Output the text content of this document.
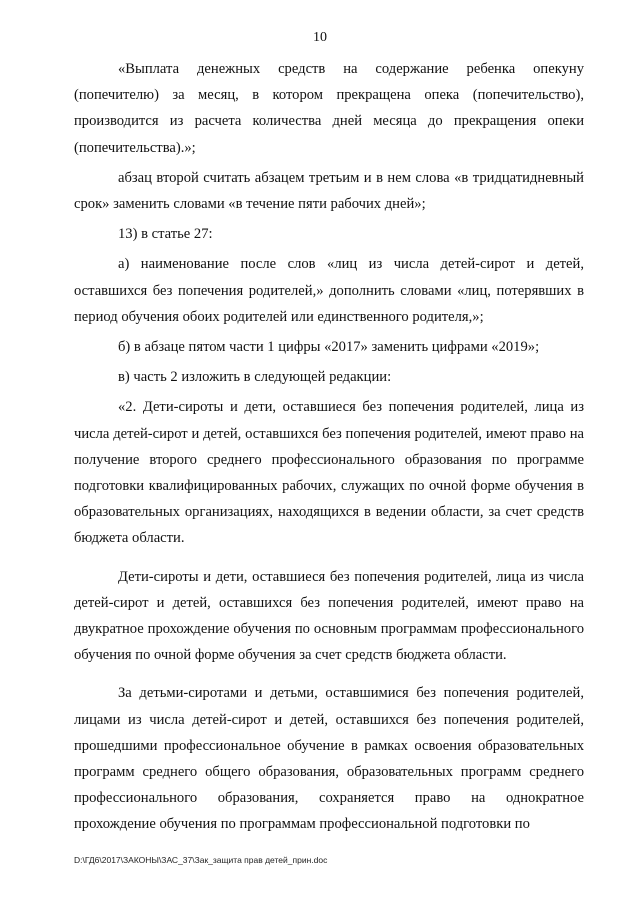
10

«Выплата денежных средств на содержание ребенка опекуну (попечителю) за месяц, в котором прекращена опека (попечительство), производится из расчета количества дней месяца до прекращения опеки (попечительства).»;

абзац второй считать абзацем третьим и в нем слова «в тридцатидневный срок» заменить словами «в течение пяти рабочих дней»;

13) в статье 27:

а) наименование после слов «лиц из числа детей-сирот и детей, оставшихся без попечения родителей,» дополнить словами «лиц, потерявших в период обучения обоих родителей или единственного родителя,»;

б) в абзаце пятом части 1 цифры «2017» заменить цифрами «2019»;

в) часть 2 изложить в следующей редакции:

«2. Дети-сироты и дети, оставшиеся без попечения родителей, лица из числа детей-сирот и детей, оставшихся без попечения родителей, имеют право на получение второго среднего профессионального образования по программе подготовки квалифицированных рабочих, служащих по очной форме обучения в образовательных организациях, находящихся в ведении области, за счет средств бюджета области.

Дети-сироты и дети, оставшиеся без попечения родителей, лица из числа детей-сирот и детей, оставшихся без попечения родителей, имеют право на двукратное прохождение обучения по основным программам профессионального обучения по очной форме обучения за счет средств бюджета области.

За детьми-сиротами и детьми, оставшимися без попечения родителей, лицами из числа детей-сирот и детей, оставшихся без попечения родителей, прошедшими профессиональное обучение в рамках освоения образовательных программ среднего общего образования, образовательных программ среднего профессионального образования, сохраняется право на однократное прохождение обучения по программам профессиональной подготовки по

D:\ГД6\2017\ЗАКОНЫ\ЗАС_37\Зак_защита прав детей_прин.doc
